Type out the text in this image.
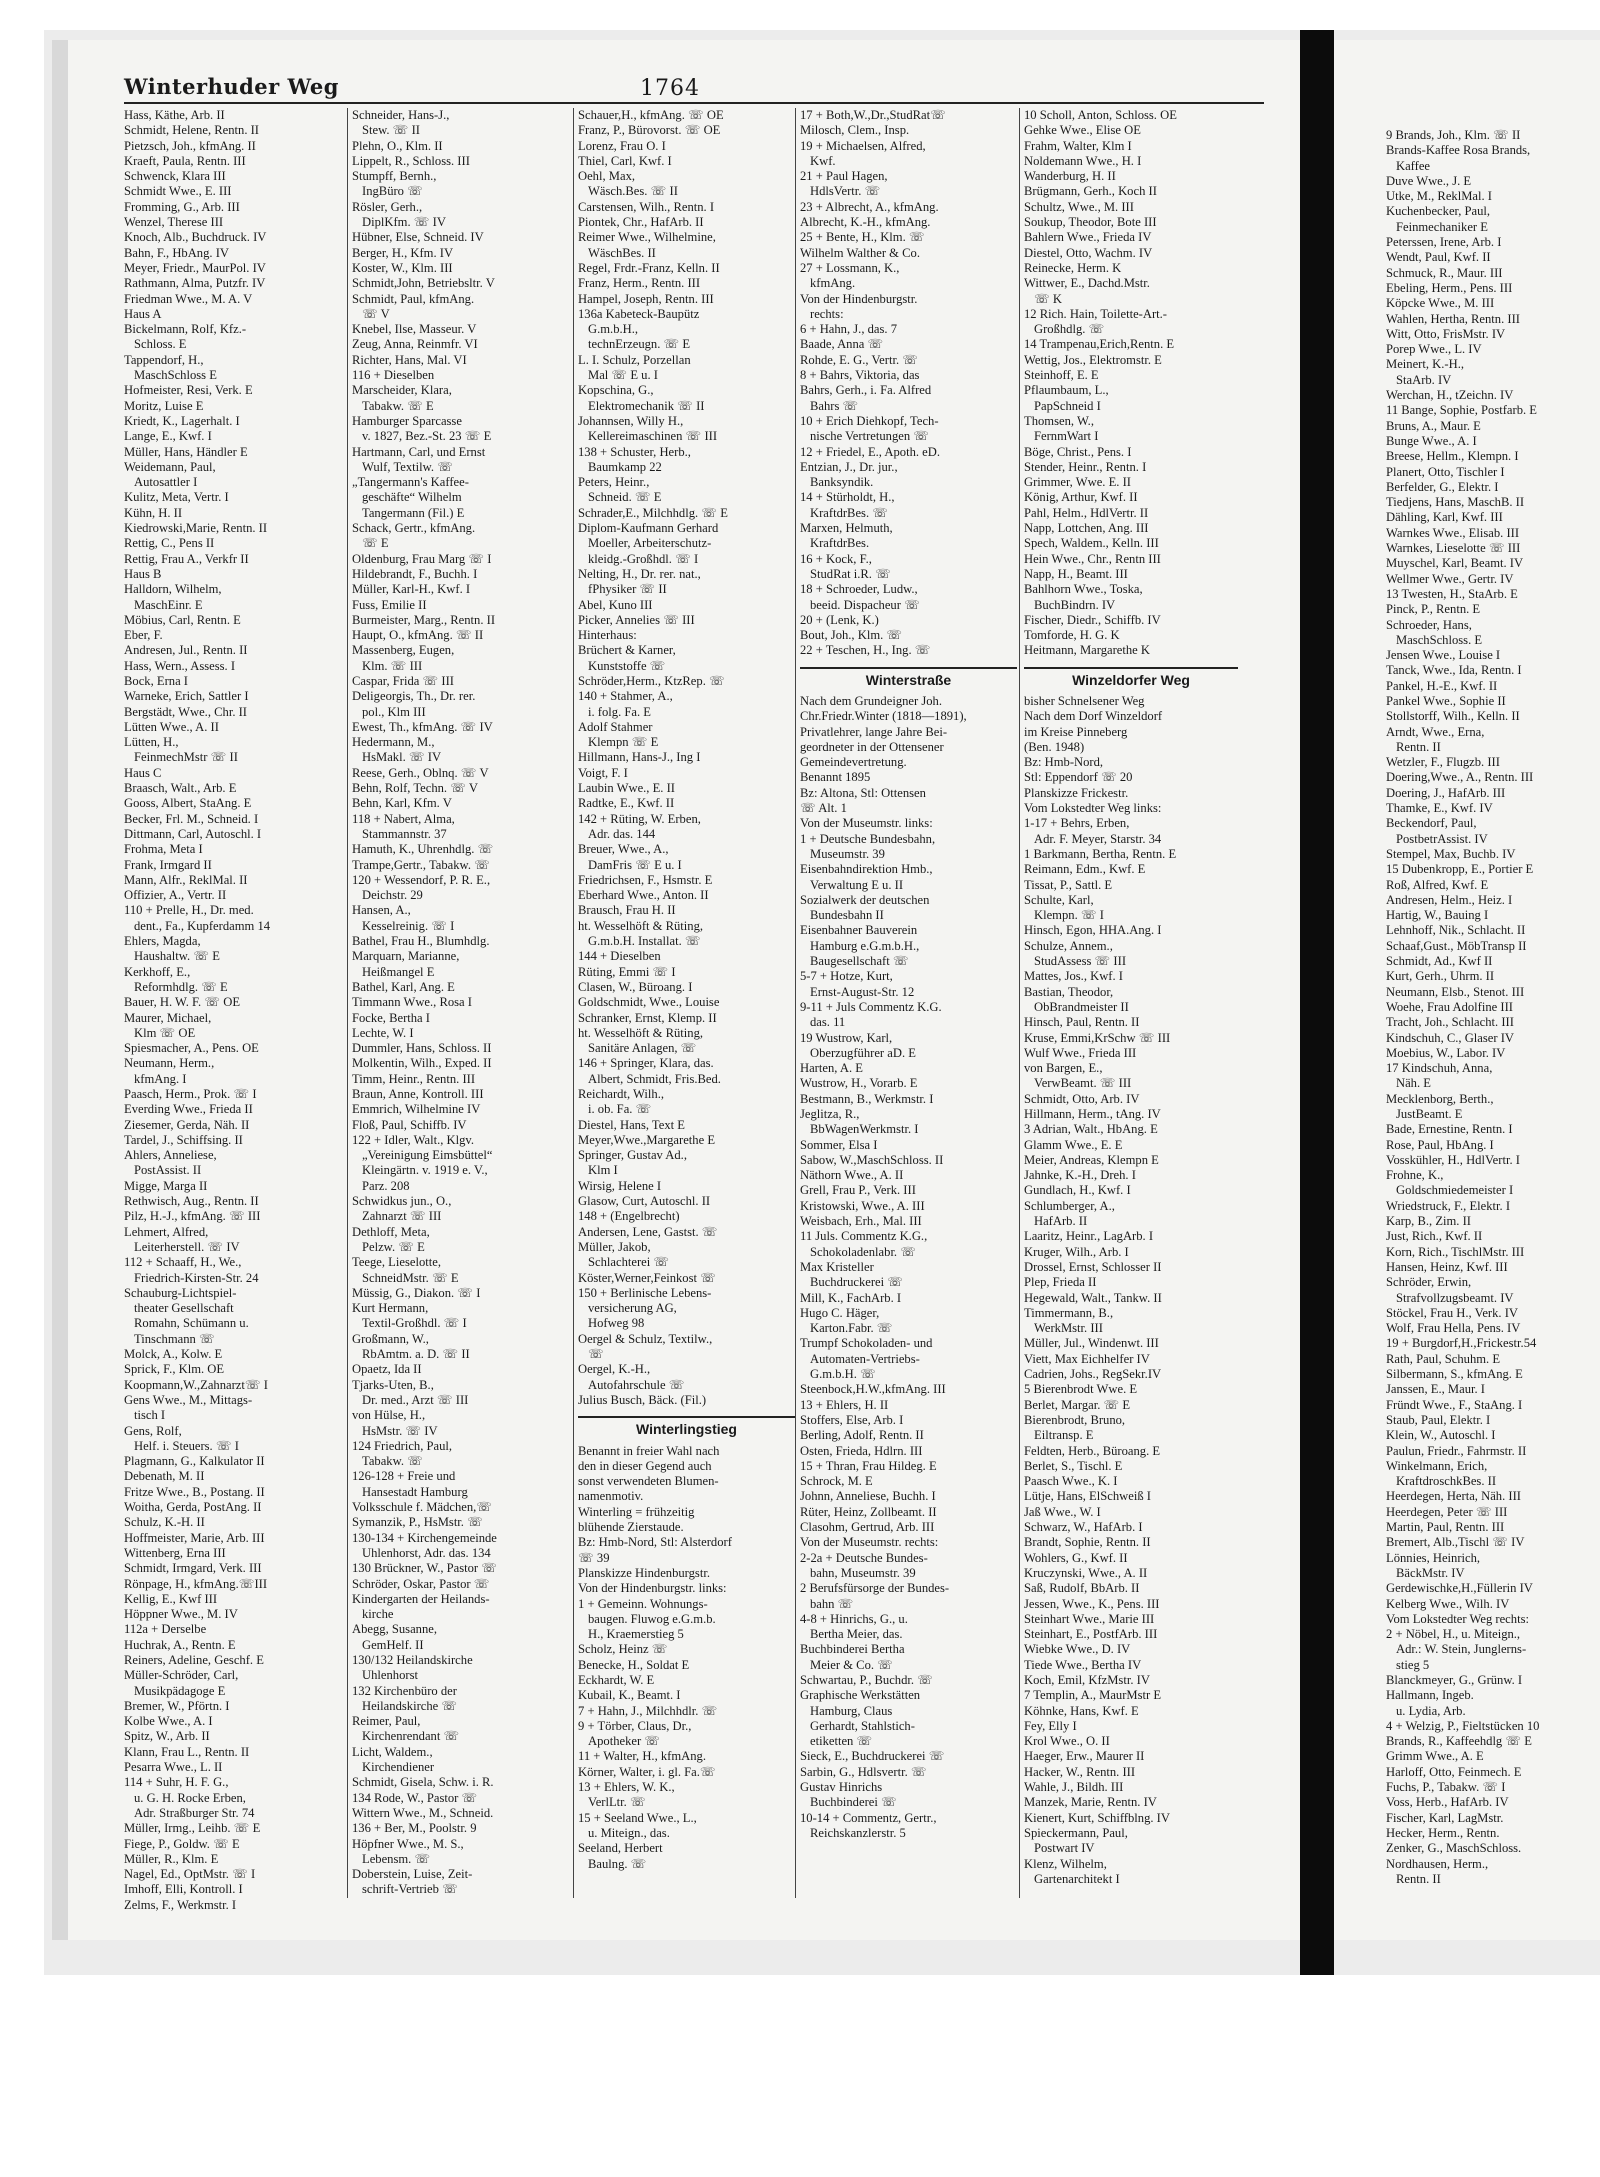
Winterhuder Weg	1764
Hass, Käthe, Arb. II
Schmidt, Helene, Rentn. II
Pietzsch, Joh., kfmAng. II
Kraeft, Paula, Rentn. III
Schwenck, Klara III
Schmidt Wwe., E. III
Fromming, G., Arb. III
Wenzel, Therese III
Knoch, Alb., Buchdruck. IV
Bahn, F., HbAng. IV
Meyer, Friedr., MaurPol. IV
Rathmann, Alma, Putzfr. IV
Friedman Wwe., M. A. V
Haus A
Bickelmann, Rolf, Kfz.-
Schloss. E
Tappendorf, H.,
MaschSchloss E
Hofmeister, Resi, Verk. E
Moritz, Luise E
Kriedt, K., Lagerhalt. I
Lange, E., Kwf. I
Müller, Hans, Händler E
Weidemann, Paul,
Autosattler I
Kulitz, Meta, Vertr. I
Kühn, H. II
Kiedrowski,Marie, Rentn. II
Rettig, C., Pens II
Rettig, Frau A., Verkfr II
Haus B
Halldorn, Wilhelm,
MaschEinr. E
Möbius, Carl, Rentn. E
Eber, F.
Andresen, Jul., Rentn. II
Hass, Wern., Assess. I
Bock, Erna I
Warneke, Erich, Sattler I
Bergstädt, Wwe., Chr. II
Lütten Wwe., A. II
Lütten, H.,
FeinmechMstr ☏ II
Haus C
Braasch, Walt., Arb. E
Gooss, Albert, StaAng. E
Becker, Frl. M., Schneid. I
Dittmann, Carl, Autoschl. I
Frohma, Meta I
Frank, Irmgard II
Mann, Alfr., ReklMal. II
Offizier, A., Vertr. II
110 + Prelle, H., Dr. med.
dent., Fa., Kupferdamm 14
Ehlers, Magda,
Haushaltw. ☏ E
Kerkhoff, E.,
Reformhdlg. ☏ E
Bauer, H. W. F. ☏ OE
Maurer, Michael,
Klm ☏ OE
Spiesmacher, A., Pens. OE
Neumann, Herm.,
kfmAng. I
Paasch, Herm., Prok. ☏ I
Everding Wwe., Frieda II
Ziesemer, Gerda, Näh. II
Tardel, J., Schiffsing. II
Ahlers, Anneliese,
PostAssist. II
Migge, Marga II
Rethwisch, Aug., Rentn. II
Pilz, H.-J., kfmAng. ☏ III
Lehmert, Alfred,
Leiterherstell. ☏ IV
112 + Schaaff, H., We.,
Friedrich-Kirsten-Str. 24
Schauburg-Lichtspiel-
theater Gesellschaft
Romahn, Schümann u.
Tinschmann ☏
Molck, A., Kolw. E
Sprick, F., Klm. OE
Koopmann,W.,Zahnarzt☏ I
Gens Wwe., M., Mittags-
tisch I
Gens, Rolf,
Helf. i. Steuers. ☏ I
Plagmann, G., Kalkulator II
Debenath, M. II
Fritze Wwe., B., Postang. II
Woitha, Gerda, PostAng. II
Schulz, K.-H. II
Hoffmeister, Marie, Arb. III
Wittenberg, Erna III
Schmidt, Irmgard, Verk. III
Rönpage, H., kfmAng.☏III
Kellig, E., Kwf III
Höppner Wwe., M. IV
112a + Derselbe
Huchrak, A., Rentn. E
Reiners, Adeline, Geschf. E
Müller-Schröder, Carl,
Musikpädagoge E
Bremer, W., Pförtn. I
Kolbe Wwe., A. I
Spitz, W., Arb. II
Klann, Frau L., Rentn. II
Pesarra Wwe., L. II
114 + Suhr, H. F. G.,
u. G. H. Rocke Erben,
Adr. Straßburger Str. 74
Müller, Irmg., Leihb. ☏ E
Fiege, P., Goldw. ☏ E
Müller, R., Klm. E
Nagel, Ed., OptMstr. ☏ I
Imhoff, Elli, Kontroll. I
Zelms, F., Werkmstr. I
Schneider, Hans-J.,
Stew. ☏ II
Plehn, O., Klm. II
Lippelt, R., Schloss. III
Stumpff, Bernh.,
IngBüro ☏
Rösler, Gerh.,
DiplKfm. ☏ IV
Hübner, Else, Schneid. IV
Berger, H., Kfm. IV
Koster, W., Klm. III
Schmidt,John, Betriebsltr. V
Schmidt, Paul, kfmAng.
☏ V
Knebel, Ilse, Masseur. V
Zeug, Anna, Reinmfr. VI
Richter, Hans, Mal. VI
116 + Dieselben
Marscheider, Klara,
Tabakw. ☏ E
Hamburger Sparcasse
v. 1827, Bez.-St. 23 ☏ E
Hartmann, Carl, und Ernst
Wulf, Textilw. ☏
„Tangermann's Kaffee-
geschäfte“ Wilhelm
Tangermann (Fil.) E
Schack, Gertr., kfmAng.
☏ E
Oldenburg, Frau Marg ☏ I
Hildebrandt, F., Buchh. I
Müller, Karl-H., Kwf. I
Fuss, Emilie II
Burmeister, Marg., Rentn. II
Haupt, O., kfmAng. ☏ II
Massenberg, Eugen,
Klm. ☏ III
Caspar, Frida ☏ III
Deligeorgis, Th., Dr. rer.
pol., Klm III
Ewest, Th., kfmAng. ☏ IV
Hedermann, M.,
HsMakl. ☏ IV
Reese, Gerh., Oblnq. ☏ V
Behn, Rolf, Techn. ☏ V
Behn, Karl, Kfm. V
118 + Nabert, Alma,
Stammannstr. 37
Hamuth, K., Uhrenhdlg. ☏
Trampe,Gertr., Tabakw. ☏
120 + Wessendorf, P. R. E.,
Deichstr. 29
Hansen, A.,
Kesselreinig. ☏ I
Bathel, Frau H., Blumhdlg.
Marquarn, Marianne,
Heißmangel E
Bathel, Karl, Ang. E
Timmann Wwe., Rosa I
Focke, Bertha I
Lechte, W. I
Dummler, Hans, Schloss. II
Molkentin, Wilh., Exped. II
Timm, Heinr., Rentn. III
Braun, Anne, Kontroll. III
Emmrich, Wilhelmine IV
Floß, Paul, Schiffb. IV
122 + Idler, Walt., Klgv.
„Vereinigung Eimsbüttel“
Kleingärtn. v. 1919 e. V.,
Parz. 208
Schwidkus jun., O.,
Zahnarzt ☏ III
Dethloff, Meta,
Pelzw. ☏ E
Teege, Lieselotte,
SchneidMstr. ☏ E
Müssig, G., Diakon. ☏ I
Kurt Hermann,
Textil-Großhdl. ☏ I
Großmann, W.,
RbAmtm. a. D. ☏ II
Opaetz, Ida II
Tjarks-Uten, B.,
Dr. med., Arzt ☏ III
von Hülse, H.,
HsMstr. ☏ IV
124 Friedrich, Paul,
Tabakw. ☏
126-128 + Freie und
Hansestadt Hamburg
Volksschule f. Mädchen,☏
Symanzik, P., HsMstr. ☏
130-134 + Kirchengemeinde
Uhlenhorst, Adr. das. 134
130 Brückner, W., Pastor ☏
Schröder, Oskar, Pastor ☏
Kindergarten der Heilands-
kirche
Abegg, Susanne,
GemHelf. II
130/132 Heilandskirche
Uhlenhorst
132 Kirchenbüro der
Heilandskirche ☏
Reimer, Paul,
Kirchenrendant ☏
Licht, Waldem.,
Kirchendiener
Schmidt, Gisela, Schw. i. R.
134 Rode, W., Pastor ☏
Wittern Wwe., M., Schneid.
136 + Ber, M., Poolstr. 9
Höpfner Wwe., M. S.,
Lebensm. ☏
Doberstein, Luise, Zeit-
schrift-Vertrieb ☏
Schauer,H., kfmAng. ☏ OE
Franz, P., Bürovorst. ☏ OE
Lorenz, Frau O. I
Thiel, Carl, Kwf. I
Oehl, Max,
Wäsch.Bes. ☏ II
Carstensen, Wilh., Rentn. I
Piontek, Chr., HafArb. II
Reimer Wwe., Wilhelmine,
WäschBes. II
Regel, Frdr.-Franz, Kelln. II
Franz, Herm., Rentn. III
Hampel, Joseph, Rentn. III
136a Kabeteck-Baupütz
G.m.b.H.,
technErzeugn. ☏ E
L. I. Schulz, Porzellan
Mal ☏ E u. I
Kopschina, G.,
Elektromechanik ☏ II
Johannsen, Willy H.,
Kellereimaschinen ☏ III
138 + Schuster, Herb.,
Baumkamp 22
Peters, Heinr.,
Schneid. ☏ E
Schrader,E., Milchhdlg. ☏ E
Diplom-Kaufmann Gerhard
Moeller, Arbeiterschutz-
kleidg.-Großhdl. ☏ I
Nelting, H., Dr. rer. nat.,
fPhysiker ☏ II
Abel, Kuno III
Picker, Annelies ☏ III
Hinterhaus:
Brüchert & Karner,
Kunststoffe ☏
Schröder,Herm., KtzRep. ☏
140 + Stahmer, A.,
i. folg. Fa. E
Adolf Stahmer
Klempn ☏ E
Hillmann, Hans-J., Ing I
Voigt, F. I
Laubin Wwe., E. II
Radtke, E., Kwf. II
142 + Rüting, W. Erben,
Adr. das. 144
Breuer, Wwe., A.,
DamFris ☏ E u. I
Friedrichsen, F., Hsmstr. E
Eberhard Wwe., Anton. II
Brausch, Frau H. II
ht. Wesselhöft & Rüting,
G.m.b.H. Installat. ☏
144 + Dieselben
Rüting, Emmi ☏ I
Clasen, W., Büroang. I
Goldschmidt, Wwe., Louise
Schranker, Ernst, Klemp. II
ht. Wesselhöft & Rüting,
Sanitäre Anlagen, ☏
146 + Springer, Klara, das.
Albert, Schmidt, Fris.Bed.
Reichardt, Wilh.,
i. ob. Fa. ☏
Diestel, Hans, Text E
Meyer,Wwe.,Margarethe E
Springer, Gustav Ad.,
Klm I
Wirsig, Helene I
Glasow, Curt, Autoschl. II
148 + (Engelbrecht)
Andersen, Lene, Gastst. ☏
Müller, Jakob,
Schlachterei ☏
Köster,Werner,Feinkost ☏
150 + Berlinische Lebens-
versicherung AG,
Hofweg 98
Oergel & Schulz, Textilw.,
☏
Oergel, K.-H.,
Autofahrschule ☏
Julius Busch, Bäck. (Fil.)
Winterlingstieg
Benannt in freier Wahl nach
den in dieser Gegend auch
sonst verwendeten Blumen-
namenmotiv.
Winterling = frühzeitig
blühende Zierstaude.
Bz: Hmb-Nord, Stl: Alsterdorf
☏ 39
Planskizze Hindenburgstr.
Von der Hindenburgstr. links:
1 + Gemeinn. Wohnungs-
baugen. Fluwog e.G.m.b.
H., Kraemerstieg 5
Scholz, Heinz ☏
Benecke, H., Soldat E
Eckhardt, W. E
Kubail, K., Beamt. I
7 + Hahn, J., Milchhdlr. ☏
9 + Törber, Claus, Dr.,
Apotheker ☏
11 + Walter, H., kfmAng.
Körner, Walter, i. gl. Fa.☏
13 + Ehlers, W. K.,
VerlLtr. ☏
15 + Seeland Wwe., L.,
u. Miteign., das.
Seeland, Herbert
Baulng. ☏
17 + Both,W.,Dr.,StudRat☏
Milosch, Clem., Insp.
19 + Michaelsen, Alfred,
Kwf.
21 + Paul Hagen,
HdlsVertr. ☏
23 + Albrecht, A., kfmAng.
Albrecht, K.-H., kfmAng.
25 + Bente, H., Klm. ☏
Wilhelm Walther & Co.
27 + Lossmann, K.,
kfmAng.
Von der Hindenburgstr.
rechts:
6 + Hahn, J., das. 7
Baade, Anna ☏
Rohde, E. G., Vertr. ☏
8 + Bahrs, Viktoria, das
Bahrs, Gerh., i. Fa. Alfred
Bahrs ☏
10 + Erich Diehkopf, Tech-
nische Vertretungen ☏
12 + Friedel, E., Apoth. eD.
Entzian, J., Dr. jur.,
Banksyndik.
14 + Stürholdt, H.,
KraftdrBes. ☏
Marxen, Helmuth,
KraftdrBes.
16 + Kock, F.,
StudRat i.R. ☏
18 + Schroeder, Ludw.,
beeid. Dispacheur ☏
20 + (Lenk, K.)
Bout, Joh., Klm. ☏
22 + Teschen, H., Ing. ☏
Winterstraße
Nach dem Grundeigner Joh.
Chr.Friedr.Winter (1818—1891),
Privatlehrer, lange Jahre Bei-
geordneter in der Ottensener
Gemeindevertretung.
Benannt 1895
Bz: Altona, Stl: Ottensen
☏ Alt. 1
Von der Museumstr. links:
1 + Deutsche Bundesbahn,
Museumstr. 39
Eisenbahndirektion Hmb.,
Verwaltung E u. II
Sozialwerk der deutschen
Bundesbahn II
Eisenbahner Bauverein
Hamburg e.G.m.b.H.,
Baugesellschaft ☏
5-7 + Hotze, Kurt,
Ernst-August-Str. 12
9-11 + Juls Commentz K.G.
das. 11
19 Wustrow, Karl,
Oberzugführer aD. E
Harten, A. E
Wustrow, H., Vorarb. E
Bestmann, B., Werkmstr. I
Jeglitza, R.,
BbWagenWerkmstr. I
Sommer, Elsa I
Sabow, W.,MaschSchloss. II
Näthorn Wwe., A. II
Grell, Frau P., Verk. III
Kristowski, Wwe., A. III
Weisbach, Erh., Mal. III
11 Juls. Commentz K.G.,
Schokoladenlabr. ☏
Max Kristeller
Buchdruckerei ☏
Mill, K., FachArb. I
Hugo C. Häger,
Karton.Fabr. ☏
Trumpf Schokoladen- und
Automaten-Vertriebs-
G.m.b.H. ☏
Steenbock,H.W.,kfmAng. III
13 + Ehlers, H. II
Stoffers, Else, Arb. I
Berling, Adolf, Rentn. II
Osten, Frieda, Hdlrn. III
15 + Thran, Frau Hildeg. E
Schrock, M. E
Johnn, Anneliese, Buchh. I
Rüter, Heinz, Zollbeamt. II
Clasohm, Gertrud, Arb. III
Von der Museumstr. rechts:
2-2a + Deutsche Bundes-
bahn, Museumstr. 39
2 Berufsfürsorge der Bundes-
bahn ☏
4-8 + Hinrichs, G., u.
Bertha Meier, das.
Buchbinderei Bertha
Meier & Co. ☏
Schwartau, P., Buchdr. ☏
Graphische Werkstätten
Hamburg, Claus
Gerhardt, Stahlstich-
etiketten ☏
Sieck, E., Buchdruckerei ☏
Sarbin, G., Hdlsvertr. ☏
Gustav Hinrichs
Buchbinderei ☏
10-14 + Commentz, Gertr.,
Reichskanzlerstr. 5
10 Scholl, Anton, Schloss. OE
Gehke Wwe., Elise OE
Frahm, Walter, Klm I
Noldemann Wwe., H. I
Wanderburg, H. II
Brügmann, Gerh., Koch II
Schultz, Wwe., M. III
Soukup, Theodor, Bote III
Bahlern Wwe., Frieda IV
Diestel, Otto, Wachm. IV
Reinecke, Herm. K
Wittwer, E., Dachd.Mstr.
☏ K
12 Rich. Hain, Toilette-Art.-
Großhdlg. ☏
14 Trampenau,Erich,Rentn. E
Wettig, Jos., Elektromstr. E
Steinhoff, E. E
Pflaumbaum, L.,
PapSchneid I
Thomsen, W.,
FernmWart I
Böge, Christ., Pens. I
Stender, Heinr., Rentn. I
Grimmer, Wwe. E. II
König, Arthur, Kwf. II
Pahl, Helm., HdlVertr. II
Napp, Lottchen, Ang. III
Spech, Waldem., Kelln. III
Hein Wwe., Chr., Rentn III
Napp, H., Beamt. III
Bahlhorn Wwe., Toska,
BuchBindrn. IV
Fischer, Diedr., Schiffb. IV
Tomforde, H. G. K
Heitmann, Margarethe K
Winzeldorfer Weg
bisher Schnelsener Weg
Nach dem Dorf Winzeldorf
im Kreise Pinneberg
(Ben. 1948)
Bz: Hmb-Nord,
Stl: Eppendorf ☏ 20
Planskizze Frickestr.
Vom Lokstedter Weg links:
1-17 + Behrs, Erben,
Adr. F. Meyer, Starstr. 34
1 Barkmann, Bertha, Rentn. E
Reimann, Edm., Kwf. E
Tissat, P., Sattl. E
Schulte, Karl,
Klempn. ☏ I
Hinsch, Egon, HHA.Ang. I
Schulze, Annem.,
StudAssess ☏ III
Mattes, Jos., Kwf. I
Bastian, Theodor,
ObBrandmeister II
Hinsch, Paul, Rentn. II
Kruse, Emmi,KrSchw ☏ III
Wulf Wwe., Frieda III
von Bargen, E.,
VerwBeamt. ☏ III
Schmidt, Otto, Arb. IV
Hillmann, Herm., tAng. IV
3 Adrian, Walt., HbAng. E
Glamm Wwe., E. E
Meier, Andreas, Klempn E
Jahnke, K.-H., Dreh. I
Gundlach, H., Kwf. I
Schlumberger, A.,
HafArb. II
Laaritz, Heinr., LagArb. I
Kruger, Wilh., Arb. I
Drossel, Ernst, Schlosser II
Plep, Frieda II
Hegewald, Walt., Tankw. II
Timmermann, B.,
WerkMstr. III
Müller, Jul., Windenwt. III
Viett, Max Eichhelfer IV
Cadrien, Johs., RegSekr.IV
5 Bierenbrodt Wwe. E
Berlet, Margar. ☏ E
Bierenbrodt, Bruno,
Eiltransp. E
Feldten, Herb., Büroang. E
Berlet, S., Tischl. E
Paasch Wwe., K. I
Lütje, Hans, ElSchweiß I
Jaß Wwe., W. I
Schwarz, W., HafArb. I
Brandt, Sophie, Rentn. II
Wohlers, G., Kwf. II
Kruczynski, Wwe., A. II
Saß, Rudolf, BbArb. II
Jessen, Wwe., K., Pens. III
Steinhart Wwe., Marie III
Steinhart, E., PostfArb. III
Wiebke Wwe., D. IV
Tiede Wwe., Bertha IV
Koch, Emil, KfzMstr. IV
7 Templin, A., MaurMstr E
Köhnke, Hans, Kwf. E
Fey, Elly I
Krol Wwe., O. II
Haeger, Erw., Maurer II
Hacker, W., Rentn. III
Wahle, J., Bildh. III
Manzek, Marie, Rentn. IV
Kienert, Kurt, Schiffblng. IV
Spieckermann, Paul,
Postwart IV
Klenz, Wilhelm,
Gartenarchitekt I
9 Brands, Joh., Klm. ☏ II
Brands-Kaffee Rosa Brands,
Kaffee
Duve Wwe., J. E
Utke, M., ReklMal. I
Kuchenbecker, Paul,
Feinmechaniker E
Peterssen, Irene, Arb. I
Wendt, Paul, Kwf. II
Schmuck, R., Maur. III
Ebeling, Herm., Pens. III
Köpcke Wwe., M. III
Wahlen, Hertha, Rentn. III
Witt, Otto, FrisMstr. IV
Porep Wwe., L. IV
Meinert, K.-H.,
StaArb. IV
Werchan, H., tZeichn. IV
11 Bange, Sophie, Postfarb. E
Bruns, A., Maur. E
Bunge Wwe., A. I
Breese, Hellm., Klempn. I
Planert, Otto, Tischler I
Berfelder, G., Elektr. I
Tiedjens, Hans, MaschB. II
Dähling, Karl, Kwf. III
Warnkes Wwe., Elisab. III
Warnkes, Lieselotte ☏ III
Muyschel, Karl, Beamt. IV
Wellmer Wwe., Gertr. IV
13 Twesten, H., StaArb. E
Pinck, P., Rentn. E
Schroeder, Hans,
MaschSchloss. E
Jensen Wwe., Louise I
Tanck, Wwe., Ida, Rentn. I
Pankel, H.-E., Kwf. II
Pankel Wwe., Sophie II
Stollstorff, Wilh., Kelln. II
Arndt, Wwe., Erna,
Rentn. II
Wetzler, F., Flugzb. III
Doering,Wwe., A., Rentn. III
Doering, J., HafArb. III
Thamke, E., Kwf. IV
Beckendorf, Paul,
PostbetrAssist. IV
Stempel, Max, Buchb. IV
15 Dubenkropp, E., Portier E
Roß, Alfred, Kwf. E
Andresen, Helm., Heiz. I
Hartig, W., Bauing I
Lehnhoff, Nik., Schlacht. II
Schaaf,Gust., MöbTransp II
Schmidt, Ad., Kwf II
Kurt, Gerh., Uhrm. II
Neumann, Elsb., Stenot. III
Woehe, Frau Adolfine III
Tracht, Joh., Schlacht. III
Kindschuh, C., Glaser IV
Moebius, W., Labor. IV
17 Kindschuh, Anna,
Näh. E
Mecklenborg, Berth.,
JustBeamt. E
Bade, Ernestine, Rentn. I
Rose, Paul, HbAng. I
Vosskühler, H., HdlVertr. I
Frohne, K.,
Goldschmiedemeister I
Wriedstruck, F., Elektr. I
Karp, B., Zim. II
Just, Rich., Kwf. II
Korn, Rich., TischlMstr. III
Hansen, Heinz, Kwf. III
Schröder, Erwin,
Strafvollzugsbeamt. IV
Stöckel, Frau H., Verk. IV
Wolf, Frau Hella, Pens. IV
19 + Burgdorf,H.,Frickestr.54
Rath, Paul, Schuhm. E
Silbermann, S., kfmAng. E
Janssen, E., Maur. I
Fründt Wwe., F., StaAng. I
Staub, Paul, Elektr. I
Klein, W., Autoschl. I
Paulun, Friedr., Fahrmstr. II
Winkelmann, Erich,
KraftdroschkBes. II
Heerdegen, Herta, Näh. III
Heerdegen, Peter ☏ III
Martin, Paul, Rentn. III
Bremert, Alb.,Tischl ☏ IV
Lönnies, Heinrich,
BäckMstr. IV
Gerdewischke,H.,Füllerin IV
Kelberg Wwe., Wilh. IV
Vom Lokstedter Weg rechts:
2 + Nöbel, H., u. Miteign.,
Adr.: W. Stein, Junglerns-
stieg 5
Blanckmeyer, G., Grünw. I
Hallmann, Ingeb.
u. Lydia, Arb.
4 + Welzig, P., Fieltstücken 10
Brands, R., Kaffeehdlg ☏ E
Grimm Wwe., A. E
Harloff, Otto, Feinmech. E
Fuchs, P., Tabakw. ☏ I
Voss, Herb., HafArb. IV
Fischer, Karl, LagMstr.
Hecker, Herm., Rentn.
Zenker, G., MaschSchloss.
Nordhausen, Herm.,
Rentn. II
